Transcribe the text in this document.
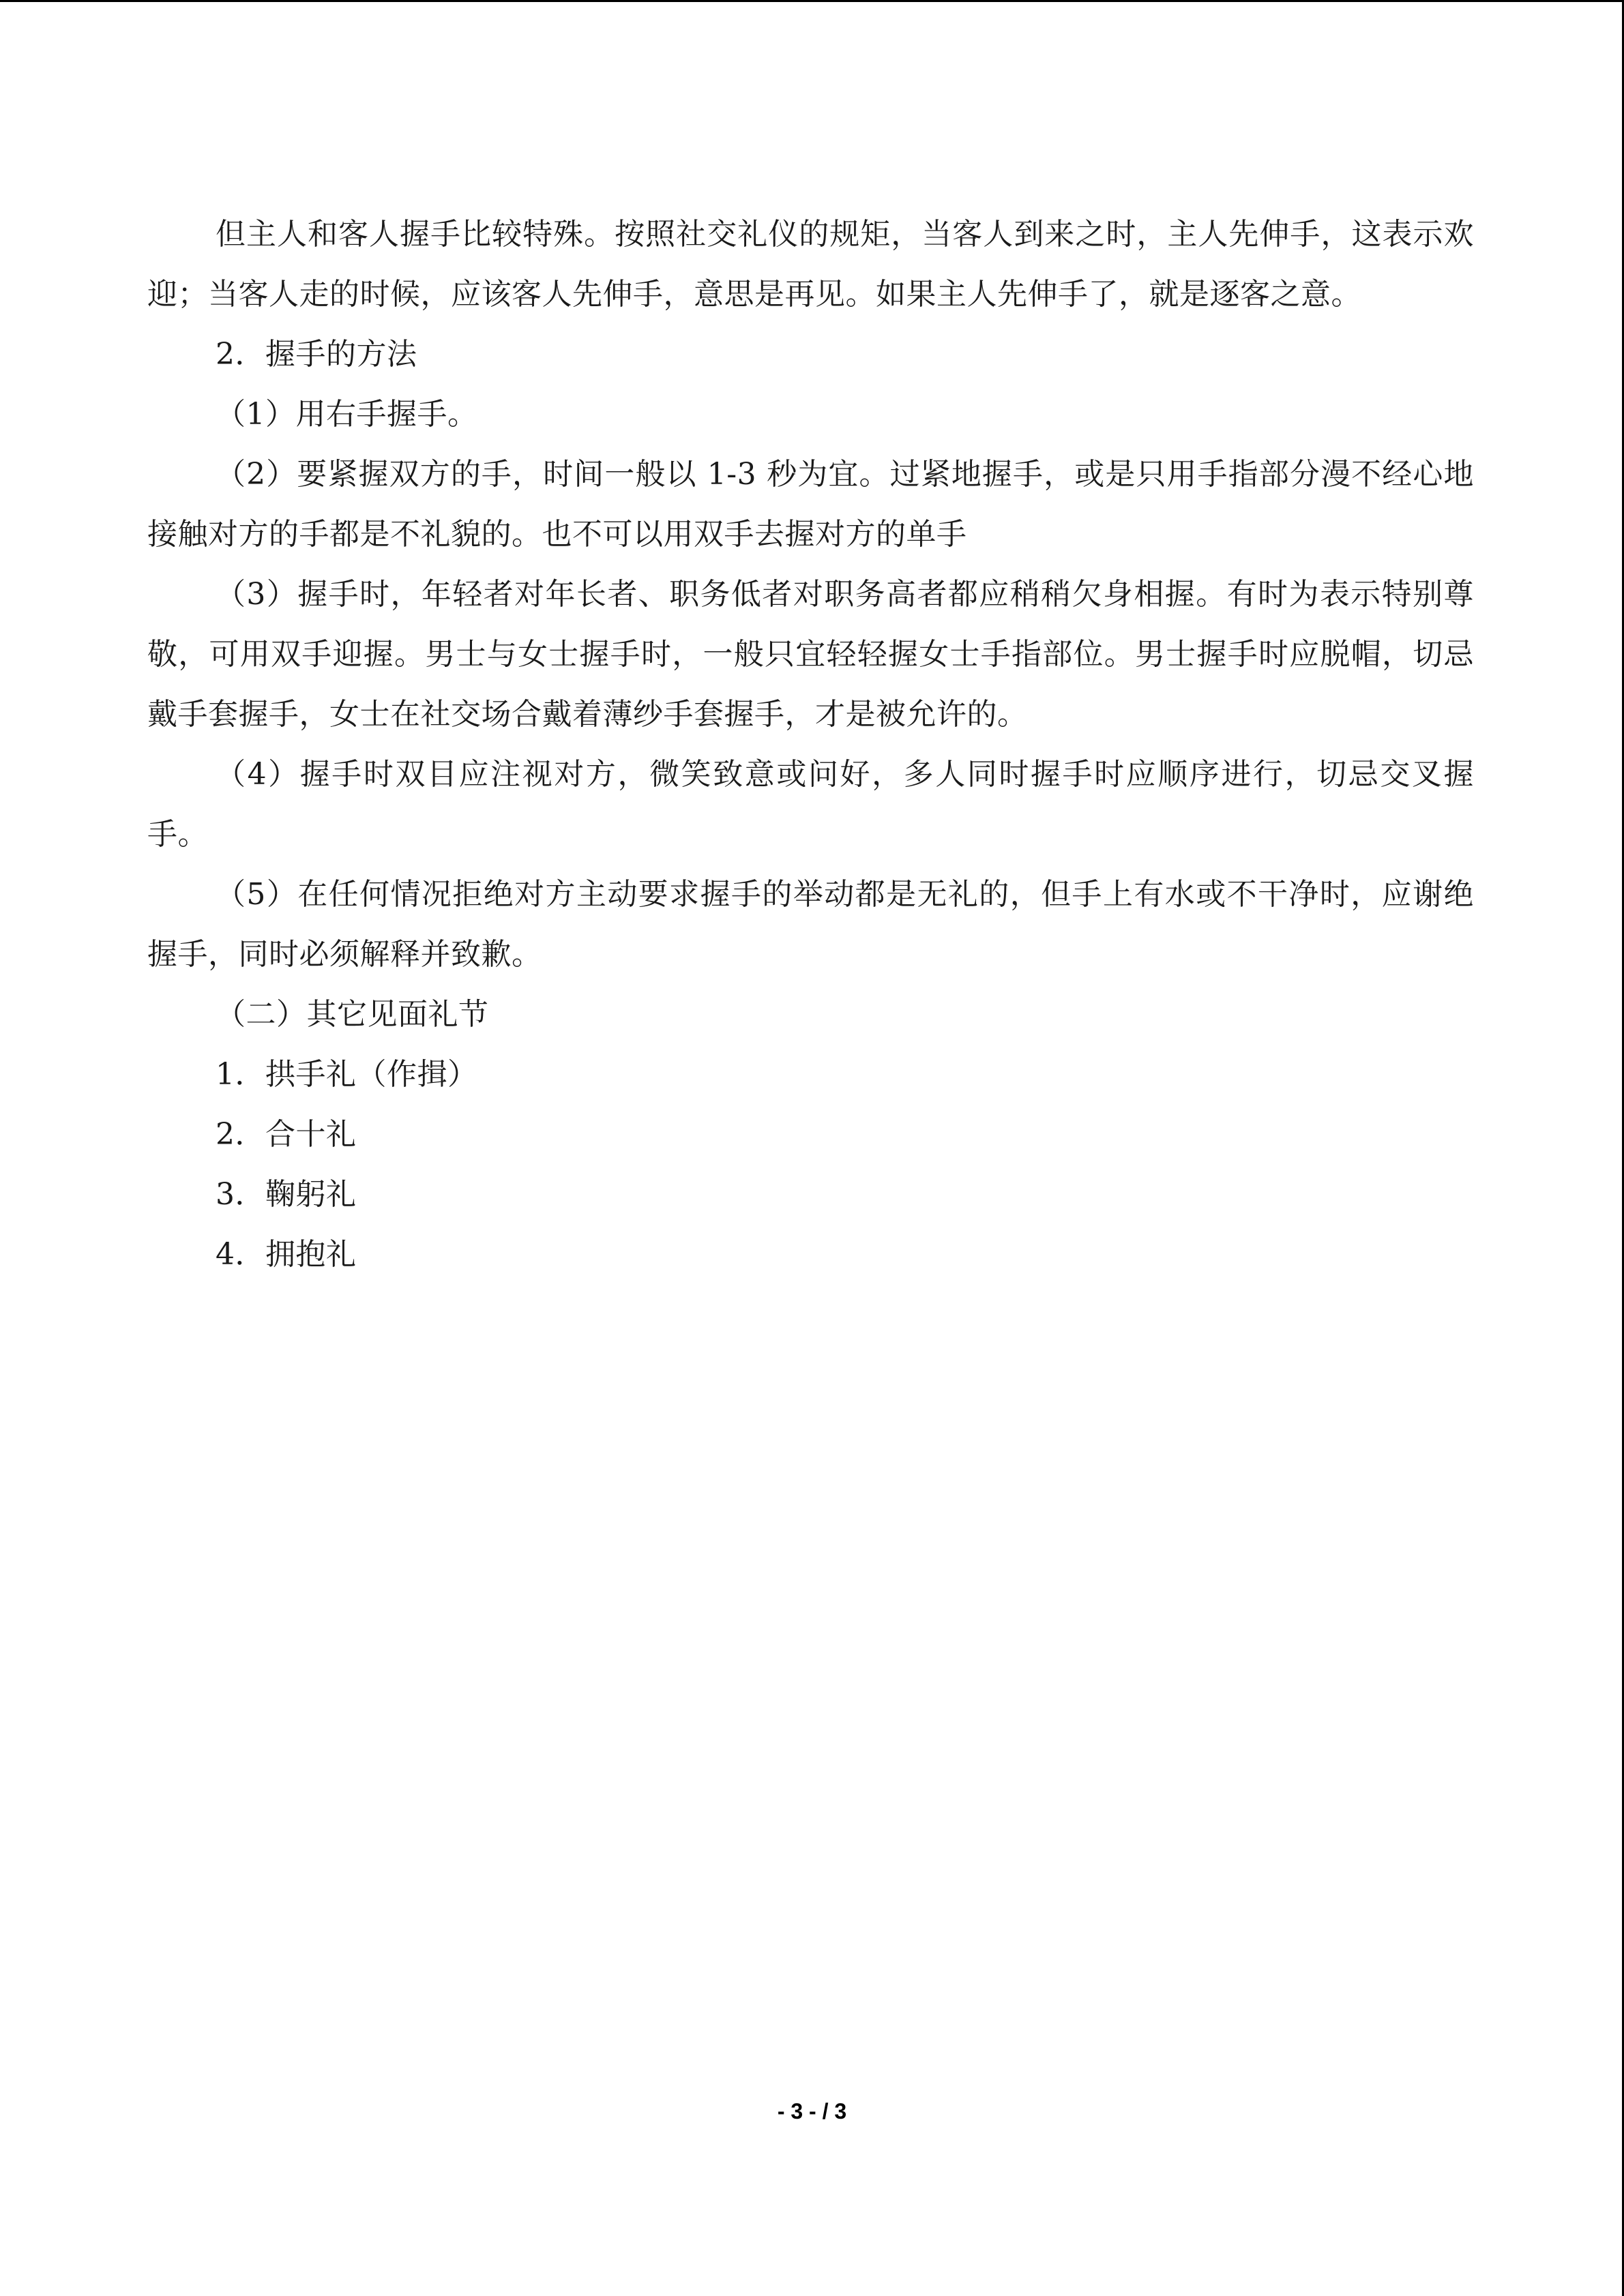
但主人和客人握手比较特殊。按照社交礼仪的规矩，当客人到来之时，主人先伸手，这表示欢迎；当客人走的时候，应该客人先伸手，意思是再见。如果主人先伸手了，就是逐客之意。

2．握手的方法

（1）用右手握手。

（2）要紧握双方的手，时间一般以 1-3 秒为宜。过紧地握手，或是只用手指部分漫不经心地接触对方的手都是不礼貌的。也不可以用双手去握对方的单手

（3）握手时，年轻者对年长者、职务低者对职务高者都应稍稍欠身相握。有时为表示特别尊敬，可用双手迎握。男士与女士握手时，一般只宜轻轻握女士手指部位。男士握手时应脱帽，切忌戴手套握手，女士在社交场合戴着薄纱手套握手，才是被允许的。

（4）握手时双目应注视对方，微笑致意或问好，多人同时握手时应顺序进行，切忌交叉握手。

（5）在任何情况拒绝对方主动要求握手的举动都是无礼的，但手上有水或不干净时，应谢绝握手，同时必须解释并致歉。

（二）其它见面礼节

1．拱手礼（作揖）

2．合十礼

3．鞠躬礼

4．拥抱礼

- 3 - / 3
